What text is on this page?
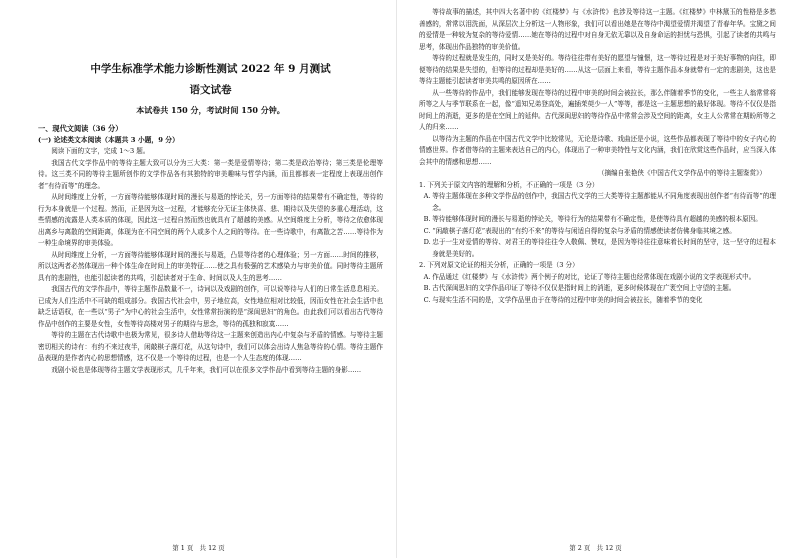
中学生标准学术能力诊断性测试 2022 年 9 月测试

语文试卷

本试卷共 150 分，考试时间 150 分钟。

一、现代文阅读（36 分）

(一) 论述类文本阅读（本题共 3 小题，9 分）

阅读下面的文字，完成 1～3 题。

我国古代文学作品中的等待主题大致可以分为三大类：第一类是爱情等待；第二类是政治等待；第三类是伦理等待。这三类不同的等待主题所创作的文学作品各有其独特的审美趣味与哲学内涵，而且都都表一定程度上表现出创作者“有待而等”的理念。

从时间维度上分析，一方面等待能够体现时间的漫长与易逝的悖论关，另一方面等待的结果带有不确定性，等待的行为本身就是一个过程。然而，正是因为这一过程，才能够充分无证主体快喜、悲、期待以及失望的多重心理活动，这些情感的流露是人类本质的体现，因此这一过程自然而然也就具有了超越的美感。从空间维度上分析，等待之依愈体现出离乡与离散的空间距离，体现为在不同空间的两个人或多个人之间的等待。在一些诗歌中，有离散之苦……等待作为一种生命境界的审美体验。

从时间维度上分析，一方面等待能够体现时间的漫长与易逝，凸显等待者的心理体验；另一方面……时间的推移，所以这两者必然体现出一种个体生命在时间上的审美特征……使之具有极强的艺术感染力与审美价值。同时等待主题所具有的悲剧性，也能引起读者的共鸣，引起读者对于生命、时间以及人生的思考……

我国古代的文学作品中，等待主题作品数量不一，诗词以及戏剧的创作，可以说等待与人们的日常生活息息相关。已成为人们生活中不可缺的组成部分。我国古代社会中，男子地位高，女性地位相对比较低，因而女性在社会生活中也缺乏话语权，在一些以“男子”为中心的社会生活中，女性常常扮演的是“深闺思妇”的角色。由此我们可以看出古代等待作品中创作的主要是女性，女性等待高楼对男子的期待与思念，等待的孤独和寂寞……

等待的主题在古代诗歌中也极为常见，很多诗人借助等待这一主题来创造出内心中复杂与矛盾的情感。与等待主题密切相关的诗有：有约不来过夜半，闲敲棋子落灯花，从这句诗中，我们可以体会出诗人焦急等待的心情。等待主题作品表现的是作者内心的思想情感，这不仅是一个等待的过程，也是一个人生态度的体现……

戏剧小说也是体现等待主题文学表现形式，几千年来，我们可以在很多文学作品中看到等待主题的身影……

第 1 页　共 12 页

等待故事的描述，其中四大名著中的《红楼梦》与《水浒传》也涉及等待这一主题。《红楼梦》中林黛玉的性格是多愁善感的，常常以泪洗面，从深层次上分析这一人物形象，我们可以看出她是在等待中渴望爱情并渴望了青春年华。宝黛之间的爱情是一种较为复杂的等待爱情……她在等待的过程中对自身无依无靠以及自身命运的担忧与恐惧，引起了读者的共鸣与思考，体现出作品独特的审美价值。

等待的过程就是发生的，同时又是美好的。等待往往带有美好的愿望与憧憬，这一等待过程是对于美好事物的向往，即便等待的结果是失望的，但等待的过程却是美好的……从这一层面上来看，等待主题作品本身就带有一定的悲剧美，这也是等待主题能引起读者审美共鸣的原因所在……

从一些等待的作品中，我们能够发现在等待的过程中审美的时间会被拉长，那么伴随着季节的变化，一些主人翁常常将所等之人与季节联系在一起，像“遥知兄弟登高处，遍插茱萸少一人”等等，都是这一主题思想的最好体现。等待不仅仅是指时间上的消逝，更多的是在空间上的延伸。古代深闺思妇的等待作品中常常会涉及空间的距离，女主人公常常在期盼所等之人的归来……

以等待为主题的作品在中国古代文学中比较常见，无论是诗歌、戏曲还是小说，这些作品都表现了等待中的女子内心的情感世界。作者借等待的主题来表达自己的内心，体现出了一种审美特性与文化内涵，我们在欣赏这些作品时，应当深入体会其中的情感和思想……

（摘编自张艳侠《中国古代文学作品中的等待主题鉴赏》）

1. 下列关于原文内容的理解和分析，不正确的一项是（3 分）

A. 等待主题体现在多种文学作品的创作中，我国古代文学的三大类等待主题都能从不同角度表现出创作者“有待而等”的理念。

B. 等待能够体现时间的漫长与易逝的悖论关，等待行为的结果带有不确定性，是使等待具有超越的美感的根本原因。

C. “闲敲棋子落灯花”表现出的“有约不来”的等待与闲适自得的复杂与矛盾的情感使读者仿佛身临其境之感。

D.忠于一生对爱情的等待、对君王的等待往往令人敬佩、赞叹，是因为等待往往意味着长时间的坚守，这一坚守的过程本身就是美好的。

2. 下列对原文论证的相关分析，正确的一项是（3 分）

A. 作品通过《红楼梦》与《水浒传》两个例子的对比，论证了等待主题也经常体现在戏剧小说的文学表现形式中。

B. 古代深闺思妇的文学作品印证了等待不仅仅是指时间上的消逝，更多时候体现在广袤空间上守望的主题。

C. 与现实生活不同的是，文学作品里由于在等待的过程中审美的时间会被拉长，随着季节的变化

第 2 页　共 12 页
